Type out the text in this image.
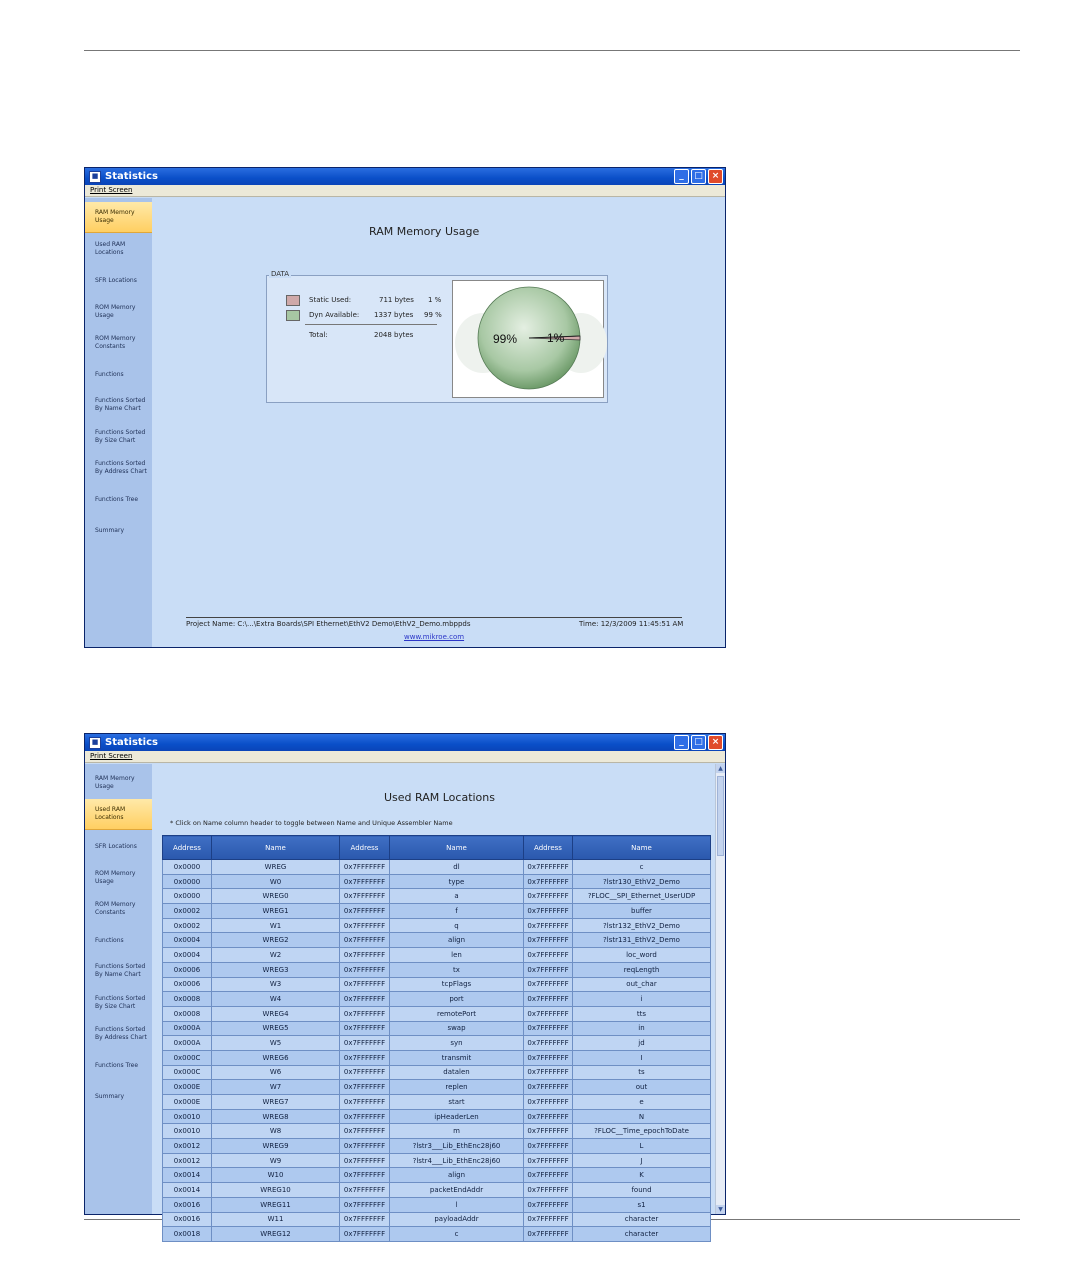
■ Statistics	_	□ ×
Print Screen
RAM Memory Usage
Used RAM Locations
SFR Locations
ROM Memory Usage
ROM Memory Constants
Functions
Functions Sorted By Name Chart
Functions Sorted By Size Chart
Functions Sorted By Address Chart
Functions Tree
Summary
RAM Memory Usage
DATA
Static Used:	711 bytes 1 %
Dyn Available: 1337 bytes 99 %
Total:	2048 bytes	99% 1%
Project Name: C:\...\Extra Boards\SPI Ethernet\EthV2 Demo\EthV2_Demo.mbppds	Time: 12/3/2009 11:45:51 AM
www.mikroe.com
■ Statistics	_	□ ×
Print Screen
RAM Memory Usage
Used RAM Locations
SFR Locations
ROM Memory Usage
ROM Memory Constants
Functions
Functions Sorted By Name Chart
Functions Sorted By Size Chart
Functions Sorted By Address Chart
Functions Tree
Summary
Used RAM Locations
* Click on Name column header to toggle between Name and Unique Assembler Name
Address	Name	Address	Name	Address	Name
0x0000	WREG	0x7FFFFFFF	dl	0x7FFFFFFF	c
0x0000	W0	0x7FFFFFFF	type	0x7FFFFFFF	?lstr130_EthV2_Demo
0x0000	WREG0	0x7FFFFFFF	a	0x7FFFFFFF	?FLOC__SPI_Ethernet_UserUDP
0x0002	WREG1	0x7FFFFFFF	f	0x7FFFFFFF	buffer
0x0002	W1	0x7FFFFFFF	q	0x7FFFFFFF	?lstr132_EthV2_Demo
0x0004	WREG2	0x7FFFFFFF	align	0x7FFFFFFF	?lstr131_EthV2_Demo
0x0004	W2	0x7FFFFFFF	len	0x7FFFFFFF	loc_word
0x0006	WREG3	0x7FFFFFFF	tx	0x7FFFFFFF	reqLength
0x0006	W3	0x7FFFFFFF	tcpFlags	0x7FFFFFFF	out_char
0x0008	W4	0x7FFFFFFF	port	0x7FFFFFFF	i
0x0008	WREG4	0x7FFFFFFF	remotePort	0x7FFFFFFF	tts
0x000A	WREG5	0x7FFFFFFF	swap	0x7FFFFFFF	in
0x000A	W5	0x7FFFFFFF	syn	0x7FFFFFFF	jd
0x000C	WREG6	0x7FFFFFFF	transmit	0x7FFFFFFF	I
0x000C	W6	0x7FFFFFFF	datalen	0x7FFFFFFF	ts
0x000E	W7	0x7FFFFFFF	replen	0x7FFFFFFF	out
0x000E	WREG7	0x7FFFFFFF	start	0x7FFFFFFF	e
0x0010	WREG8	0x7FFFFFFF	ipHeaderLen	0x7FFFFFFF	N
0x0010	W8	0x7FFFFFFF	m	0x7FFFFFFF	?FLOC__Time_epochToDate
0x0012	WREG9	0x7FFFFFFF	?lstr3___Lib_EthEnc28j60	0x7FFFFFFF	L
0x0012	W9	0x7FFFFFFF	?lstr4___Lib_EthEnc28j60	0x7FFFFFFF	J
0x0014	W10	0x7FFFFFFF	align	0x7FFFFFFF	K
0x0014	WREG10	0x7FFFFFFF	packetEndAddr	0x7FFFFFFF	found
0x0016	WREG11	0x7FFFFFFF	l	0x7FFFFFFF	s1
0x0016	W11	0x7FFFFFFF	payloadAddr	0x7FFFFFFF	character
0x0018	WREG12	0x7FFFFFFF	c	0x7FFFFFFF	character
▲
▼
